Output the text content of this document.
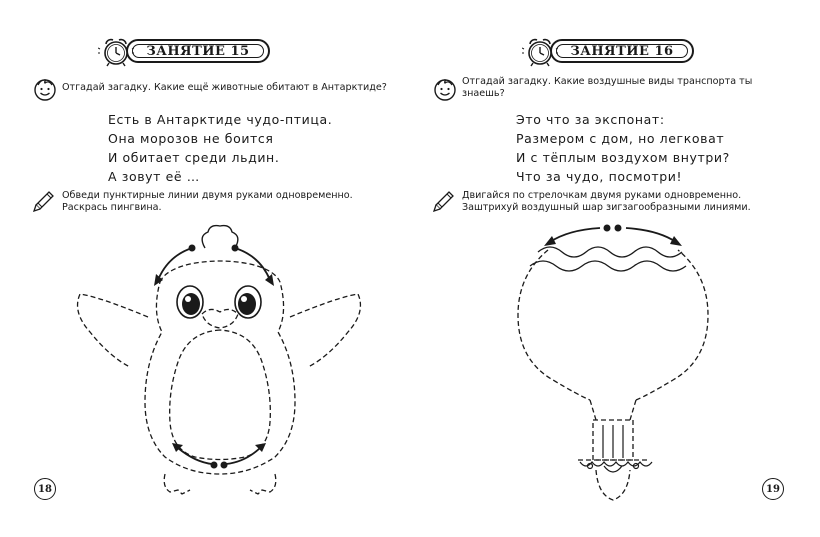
ЗАНЯТИЕ 15
Отгадай загадку. Какие ещё животные обитают в Антарктиде?
Есть в Антарктиде чудо-птица.
Она морозов не боится
И обитает среди льдин.
А зовут её …
Обведи пунктирные линии двумя руками одновременно.
Раскрась пингвина.
18
ЗАНЯТИЕ 16
Отгадай загадку. Какие воздушные виды транспорта ты
знаешь?
Это что за экспонат:
Размером с дом, но легковат
И с тёплым воздухом внутри?
Что за чудо, посмотри!
Двигайся по стрелочкам двумя руками одновременно.
Заштрихуй воздушный шар зигзагообразными линиями.
19
